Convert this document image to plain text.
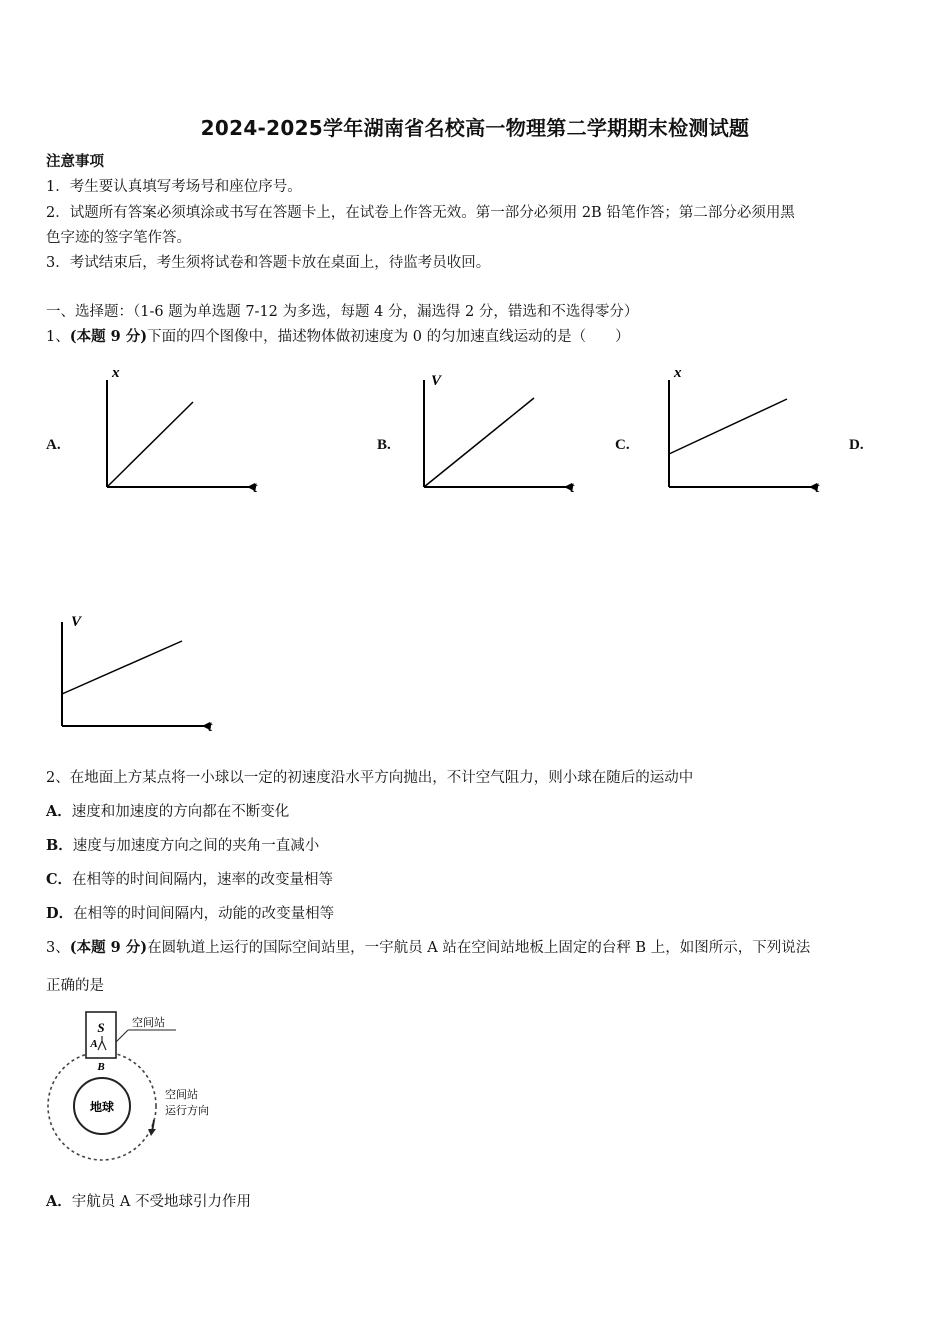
2024-2025学年湖南省名校高一物理第二学期期末检测试题
注意事项
1．考生要认真填写考场号和座位序号。
2．试题所有答案必须填涂或书写在答题卡上，在试卷上作答无效。第一部分必须用 2B 铅笔作答；第二部分必须用黑
色字迹的签字笔作答。
3．考试结束后，考生须将试卷和答题卡放在桌面上，待监考员收回。
一、选择题：（1-6 题为单选题 7-12 为多选，每题 4 分，漏选得 2 分，错选和不选得零分）
1、(本题 9 分)下面的四个图像中，描述物体做初速度为 0 的匀加速直线运动的是（　　）
A.	B.	C.	D.
x
t
V
t
x
t
V
t
2、在地面上方某点将一小球以一定的初速度沿水平方向抛出，不计空气阻力，则小球在随后的运动中
A．速度和加速度的方向都在不断变化
B．速度与加速度方向之间的夹角一直减小
C．在相等的时间间隔内，速率的改变量相等
D．在相等的时间间隔内，动能的改变量相等
3、(本题 9 分)在圆轨道上运行的国际空间站里，一宇航员 A 站在空间站地板上固定的台秤 B 上，如图所示，下列说法
正确的是
地球
S
A
B
空间站
空间站
运行方向
A．宇航员 A 不受地球引力作用
